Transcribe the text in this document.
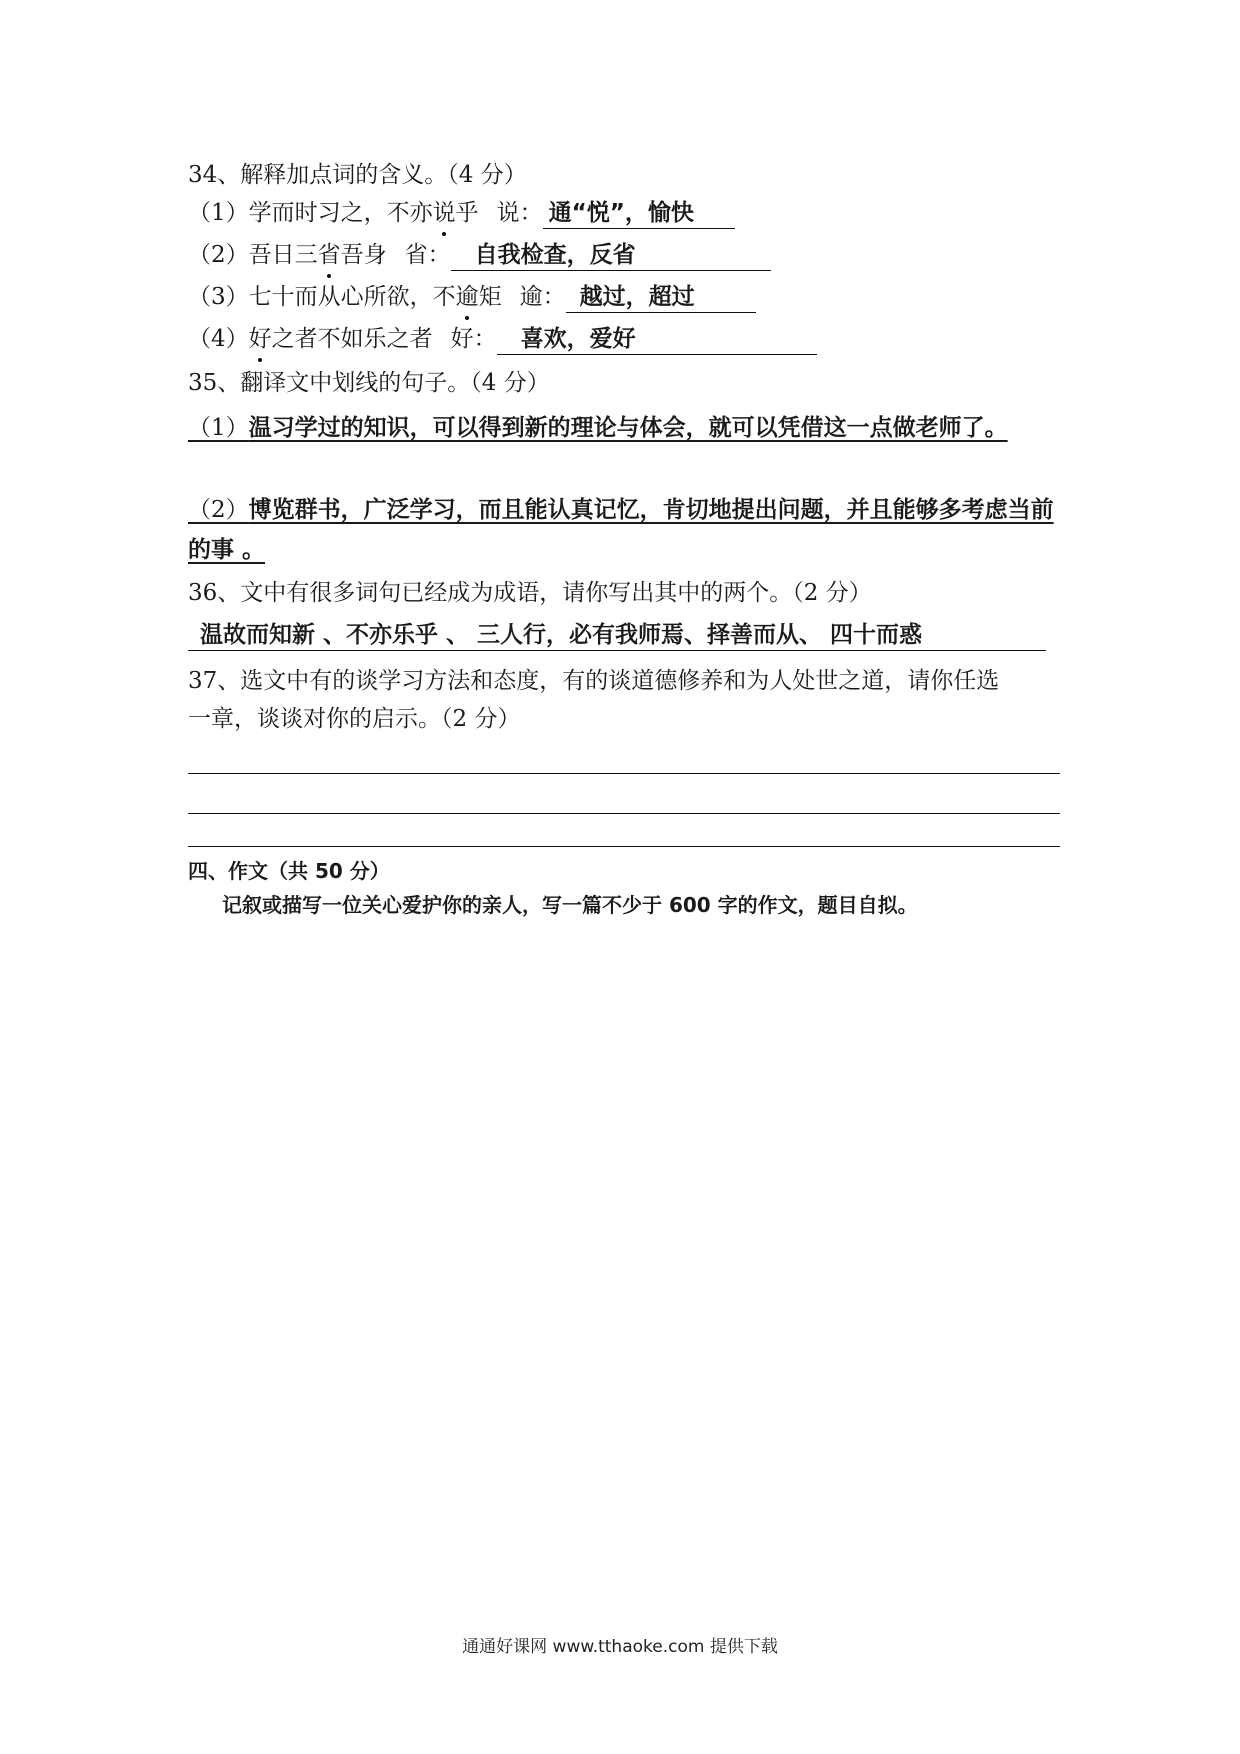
34、解释加点词的含义。（4 分）
（1）学而时习之，不亦说乎 说： 通“悦”，愉快
（2）吾日三省吾身 省： 自我检查，反省
（3）七十而从心所欲，不逾矩 逾： 越过，超过
（4）好之者不如乐之者 好： 喜欢，爱好
35、翻译文中划线的句子。（4 分）
（1）温习学过的知识，可以得到新的理论与体会，就可以凭借这一点做老师了。
（2）博览群书，广泛学习，而且能认真记忆，肯切地提出问题，并且能够多考虑当前的事 。
36、文中有很多词句已经成为成语，请你写出其中的两个。（2 分）
温故而知新 、不亦乐乎 、 三人行，必有我师焉、择善而从、 四十而惑
37、选文中有的谈学习方法和态度，有的谈道德修养和为人处世之道，请你任选
一章，谈谈对你的启示。（2 分）
四、作文（共 50 分）
记叙或描写一位关心爱护你的亲人，写一篇不少于 600 字的作文，题目自拟。
通通好课网 www.tthaoke.com 提供下载
